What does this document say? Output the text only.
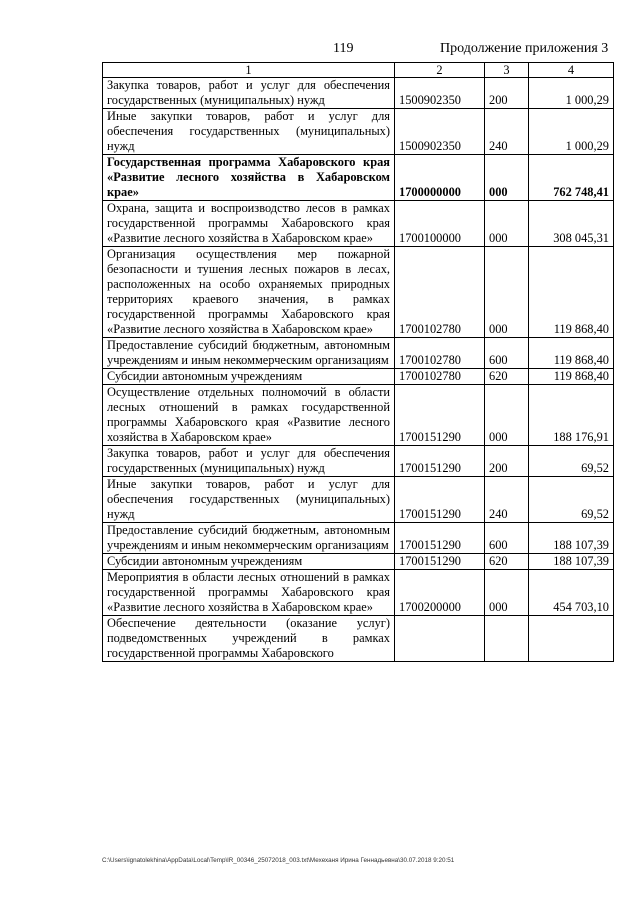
119	Продолжение приложения 3
1	2	3	4
Закупка товаров, работ и услуг для обеспечения государственных (муниципальных) нужд	1500902350	200	1 000,29
Иные закупки товаров, работ и услуг для обеспечения государственных (муниципальных) нужд	1500902350	240	1 000,29
Государственная программа Хабаровского края «Развитие лесного хозяйства в Хабаровском крае»	1700000000	000	762 748,41
Охрана, защита и воспроизводство лесов в рамках государственной программы Хабаровского края «Развитие лесного хозяйства в Хабаровском крае»	1700100000	000	308 045,31
Организация осуществления мер пожарной безопасности и тушения лесных пожаров в лесах, расположенных на особо охраняемых природных территориях краевого значения, в рамках государственной программы Хабаровского края «Развитие лесного хозяйства в Хабаровском крае»	1700102780	000	119 868,40
Предоставление субсидий бюджетным, автономным учреждениям и иным некоммерческим организациям	1700102780	600	119 868,40
Субсидии автономным учреждениям	1700102780	620	119 868,40
Осуществление отдельных полномочий в области лесных отношений в рамках государственной программы Хабаровского края «Развитие лесного хозяйства в Хабаровском крае»	1700151290	000	188 176,91
Закупка товаров, работ и услуг для обеспечения государственных (муниципальных) нужд	1700151290	200	69,52
Иные закупки товаров, работ и услуг для обеспечения государственных (муниципальных) нужд	1700151290	240	69,52
Предоставление субсидий бюджетным, автономным учреждениям и иным некоммерческим организациям	1700151290	600	188 107,39
Субсидии автономным учреждениям	1700151290	620	188 107,39
Мероприятия в области лесных отношений в рамках государственной программы Хабаровского края «Развитие лесного хозяйства в Хабаровском крае»	1700200000	000	454 703,10
Обеспечение деятельности (оказание услуг) подведомственных учреждений в рамках государственной программы Хабаровского			
C:\Users\ignatolekhina\AppData\Local\Temp\lR_00346_25072018_003.txt\Мехеханя Ирина Геннадьевна\30.07.2018 9:20:51
